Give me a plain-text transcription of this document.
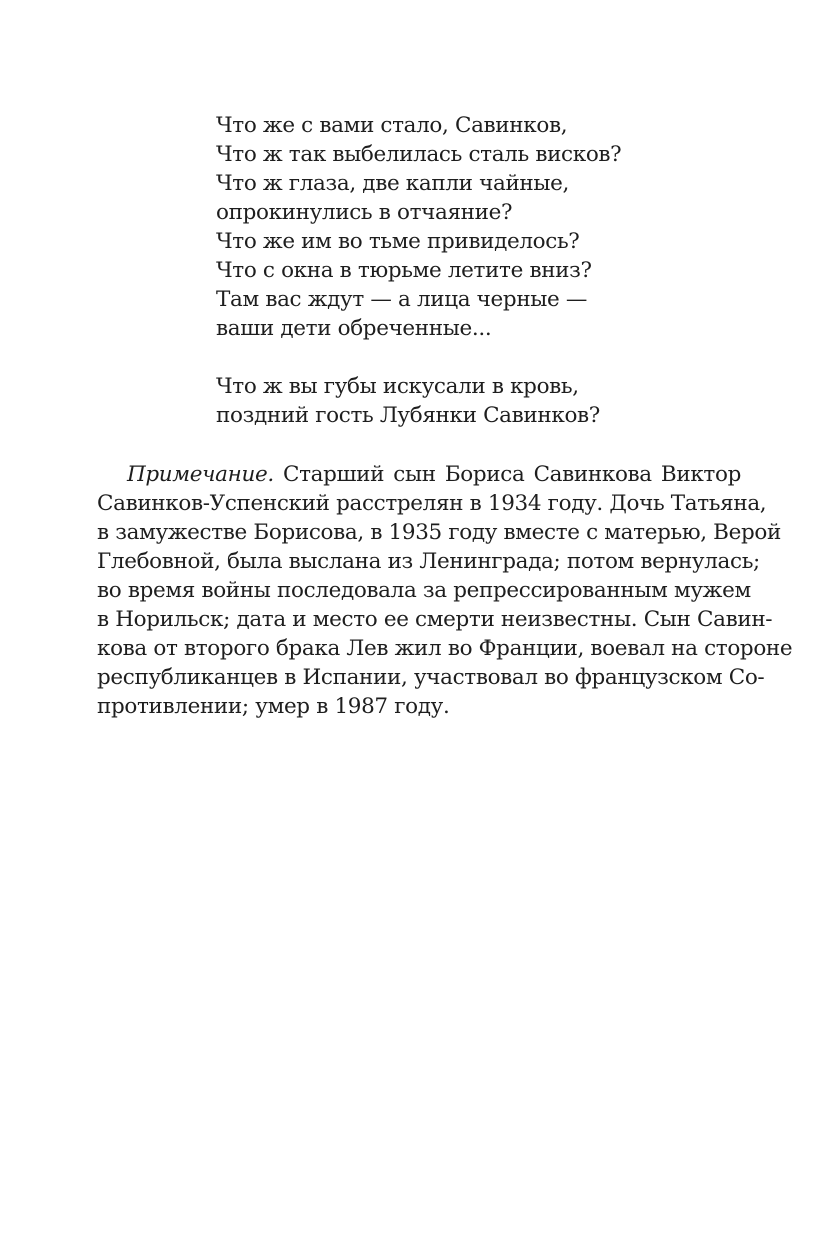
Что же с вами стало, Савинков,
Что ж так выбелилась сталь висков?
Что ж глаза, две капли чайные,
опрокинулись в отчаяние?
Что же им во тьме привиделось?
Что с окна в тюрьме летите вниз?
Там вас ждут — а лица черные —
ваши дети обреченные...
Что ж вы губы искусали в кровь,
поздний гость Лубянки Савинков?
Примечание. Старший сын Бориса Савинкова Виктор
Савинков-Успенский расстрелян в 1934 году. Дочь Татьяна,
в замужестве Борисова, в 1935 году вместе с матерью, Верой
Глебовной, была выслана из Ленинграда; потом вернулась;
во время войны последовала за репрессированным мужем
в Норильск; дата и место ее смерти неизвестны. Сын Савин-
кова от второго брака Лев жил во Франции, воевал на стороне
республиканцев в Испании, участвовал во французском Со-
противлении; умер в 1987 году.
